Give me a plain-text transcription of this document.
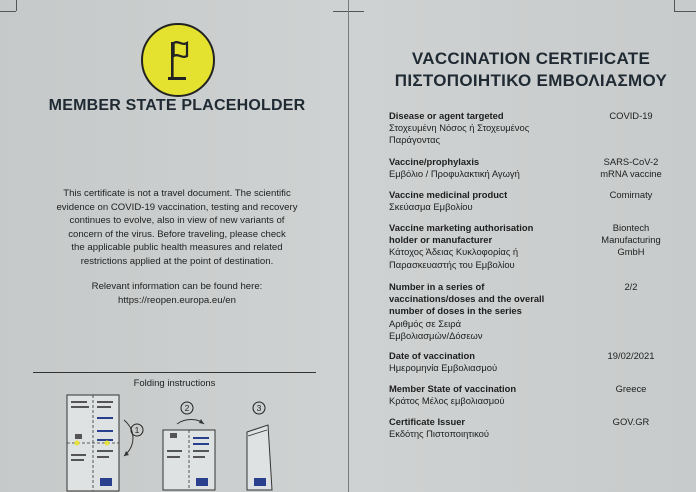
MEMBER STATE PLACEHOLDER
This certificate is not a travel document. The scientific
evidence on COVID-19 vaccination, testing and recovery
continues to evolve, also in view of new variants of
concern of the virus. Before traveling, please check
the applicable public health measures and related
restrictions applied at the point of destination.
Relevant information can be found here:
https://reopen.europa.eu/en
Folding instructions
1
2	3
VACCINATION CERTIFICATE
ΠΙΣΤΟΠΟΙΗΤΙΚΟ ΕΜΒΟΛΙΑΣΜΟΥ
Disease or agent targeted
Στοχευμένη Νόσος ή Στοχευμένος
Παράγοντας
COVID-19
Vaccine/prophylaxis
Εμβόλιο / Προφυλακτική Αγωγή
SARS-CoV-2
mRNA vaccine
Vaccine medicinal product
Σκεύασμα Εμβολίου
Comirnaty
Vaccine marketing authorisation
holder or manufacturer
Κάτοχος Άδειας Κυκλοφορίας ή
Παρασκευαστής του Εμβολίου
Biontech
Manufacturing
GmbH
Number in a series of
vaccinations/doses and the overall
number of doses in the series
Αριθμός σε Σειρά
Εμβολιασμών/Δόσεων
2/2
Date of vaccination
Ημερομηνία Εμβολιασμού
19/02/2021
Member State of vaccination
Κράτος Μέλος εμβολιασμού
Greece
Certificate Issuer
Εκδότης Πιστοποιητικού
GOV.GR
